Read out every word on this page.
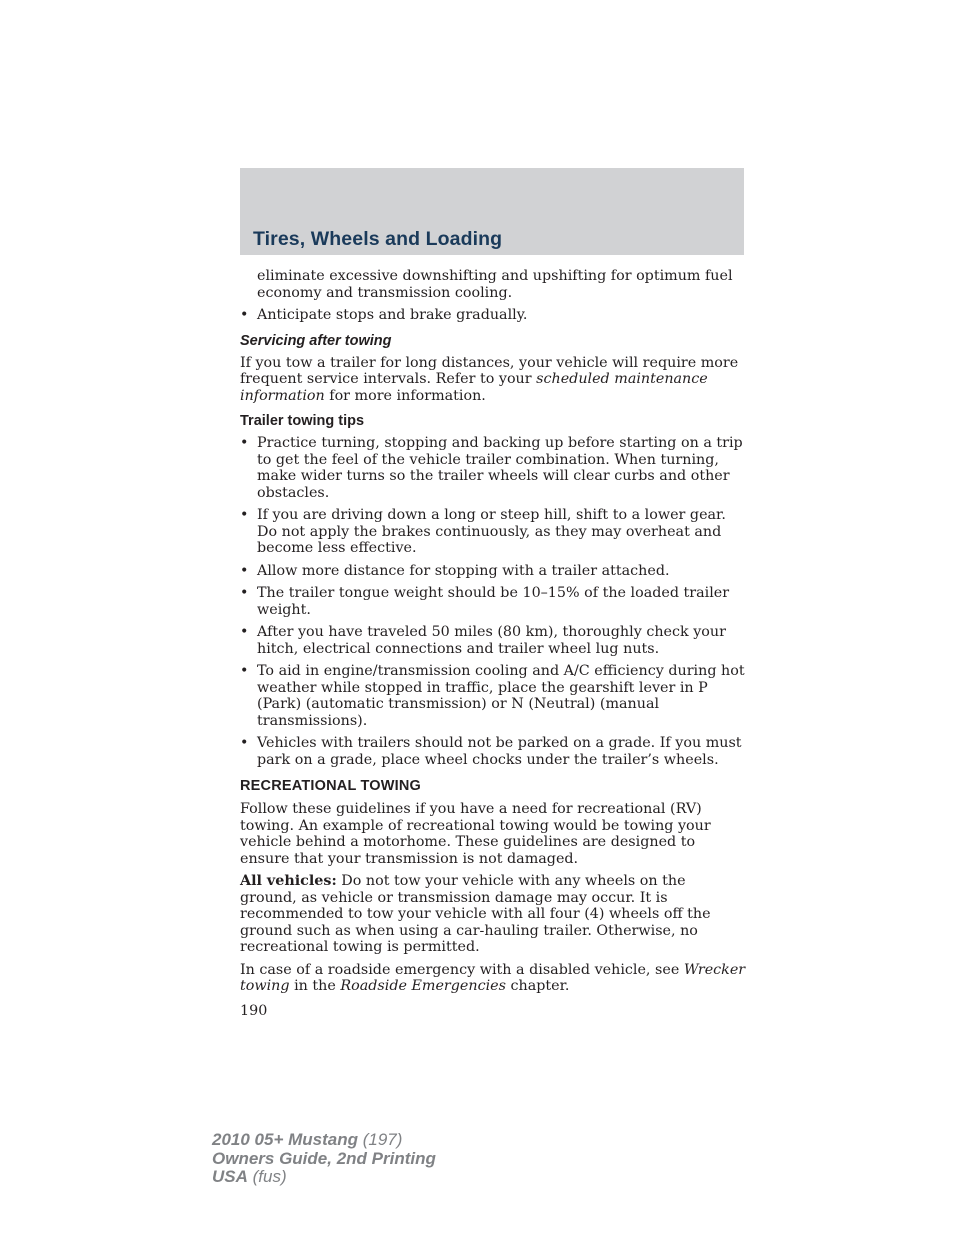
Tires, Wheels and Loading

eliminate excessive downshifting and upshifting for optimum fuel economy and transmission cooling.

• Anticipate stops and brake gradually.
Servicing after towing

If you tow a trailer for long distances, your vehicle will require more frequent service intervals. Refer to your scheduled maintenance information for more information.

Trailer towing tips
• Practice turning, stopping and backing up before starting on a trip to get the feel of the vehicle trailer combination. When turning, make wider turns so the trailer wheels will clear curbs and other obstacles.
• If you are driving down a long or steep hill, shift to a lower gear. Do not apply the brakes continuously, as they may overheat and become less effective.
• Allow more distance for stopping with a trailer attached.
• The trailer tongue weight should be 10–15% of the loaded trailer weight.
• After you have traveled 50 miles (80 km), thoroughly check your hitch, electrical connections and trailer wheel lug nuts.
• To aid in engine/transmission cooling and A/C efficiency during hot weather while stopped in traffic, place the gearshift lever in P (Park) (automatic transmission) or N (Neutral) (manual transmissions).
• Vehicles with trailers should not be parked on a grade. If you must park on a grade, place wheel chocks under the trailer’s wheels.
RECREATIONAL TOWING

Follow these guidelines if you have a need for recreational (RV) towing. An example of recreational towing would be towing your vehicle behind a motorhome. These guidelines are designed to ensure that your transmission is not damaged.

All vehicles: Do not tow your vehicle with any wheels on the ground, as vehicle or transmission damage may occur. It is recommended to tow your vehicle with all four (4) wheels off the ground such as when using a car-hauling trailer. Otherwise, no recreational towing is permitted.

In case of a roadside emergency with a disabled vehicle, see Wrecker towing in the Roadside Emergencies chapter.

190
2010 05+ Mustang (197)
Owners Guide, 2nd Printing
USA (fus)
